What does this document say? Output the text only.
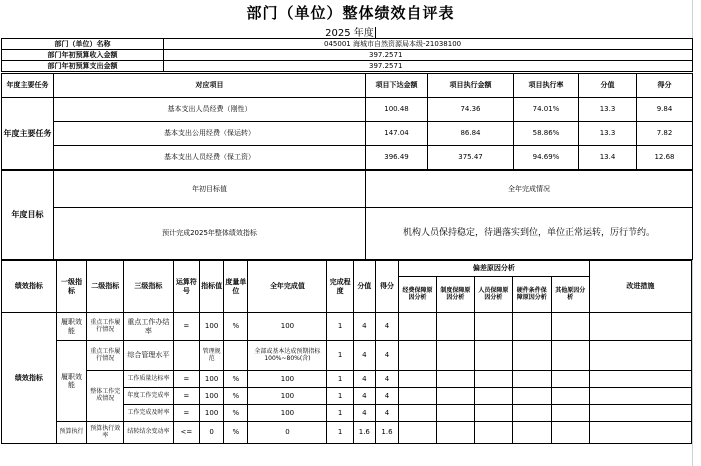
部门（单位）整体绩效自评表
2025 年度
部门（单位）名称	045001 海城市自然资源局本级-21038100
部门年初预算收入金额	397.2571
部门年初预算支出金额	397.2571
年度主要任务	对应项目	项目下达金额	项目执行金额	项目执行率	分值	得分
年度主要任务	基本支出人员经费（刚性）	100.48	74.36	74.01%	13.3	9.84
	基本支出公用经费（保运转）	147.04	86.84	58.86%	13.3	7.82
	基本支出人员经费（保工资）	396.49	375.47	94.69%	13.4	12.68
年度目标	年初目标值	全年完成情况
	预计完成2025年整体绩效指标	机构人员保持稳定，待遇落实到位，单位正常运转，厉行节约。
绩效指标	一级指标	二级指标	三级指标	运算符号	指标值	度量单位	全年完成值	完成程度	分值	得分	偏差原因分析					改进措施
											经费保障原因分析	制度保障原因分析	人员保障原因分析	硬件条件保障原因分析	其他原因分析	
绩效指标	履职效能	重点工作履行情况	重点工作办结率	=	100	%	100	1	4	4						
	履职效能	重点工作履行情况	综合管理水平		管理规范		全部或基本达成预期指标 100%~80%(含)	1	4	4						
		整体工作完成情况	工作质量达标率	=	100	%	100	1	4	4						
			年度工作完成率	=	100	%	100	1	4	4						
			工作完成及时率	=	100	%	100	1	4	4						
	预算执行	预算执行效率	结转结余变动率	<=	0	%	0	1	1.6	1.6						
